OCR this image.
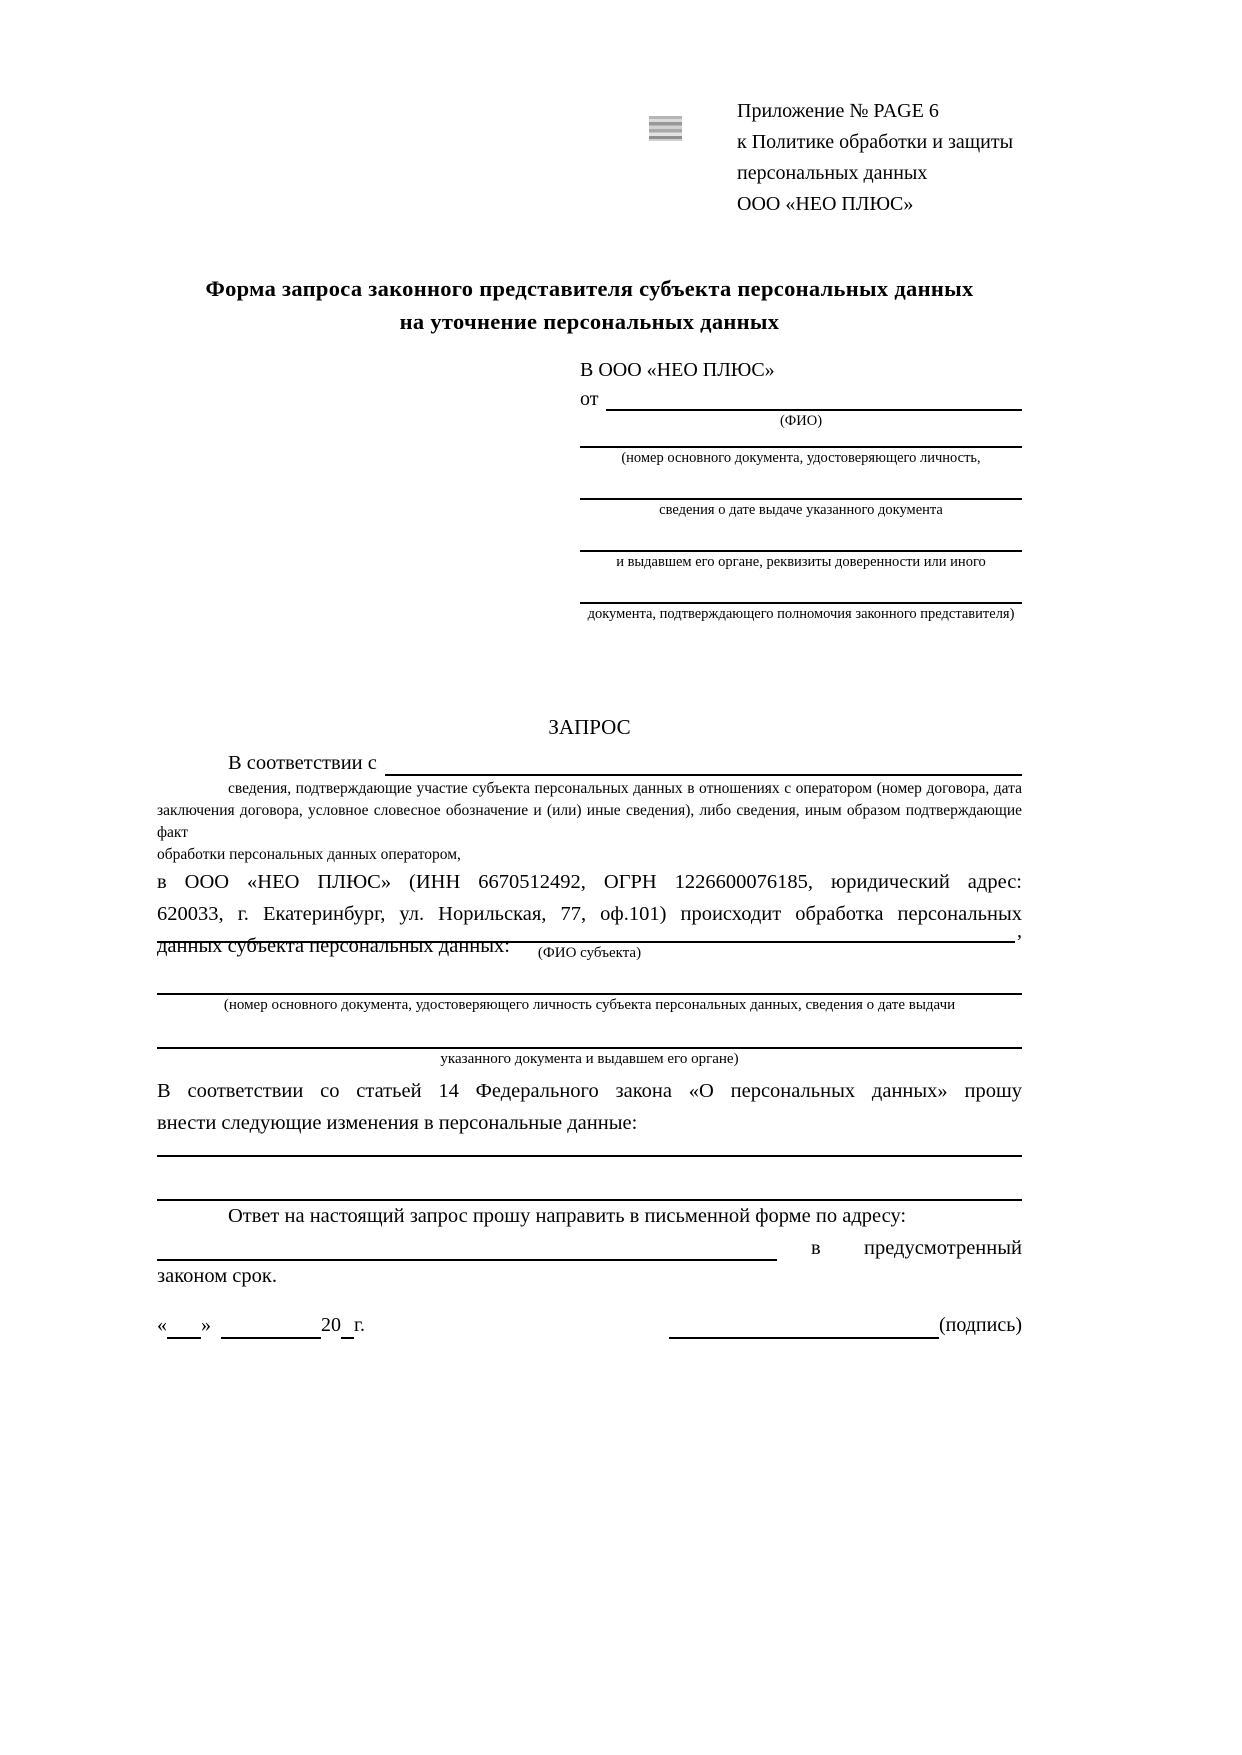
Приложение № PAGE 6
к Политике обработки и защиты
персональных данных
ООО «НЕО ПЛЮС»
Форма запроса законного представителя субъекта персональных данных
на уточнение персональных данных
В ООО «НЕО ПЛЮС»
от
(ФИО)
(номер основного документа, удостоверяющего личность,
сведения о дате выдаче указанного документа
и выдавшем его органе, реквизиты доверенности или иного
документа, подтверждающего полномочия законного представителя)
ЗАПРОС
В соответствии с
сведения, подтверждающие участие субъекта персональных данных в отношениях с оператором (номер договора, дата
заключения договора, условное словесное обозначение и (или) иные сведения), либо сведения, иным образом подтверждающие факт
обработки персональных данных оператором,
в ООО «НЕО ПЛЮС» (ИНН 6670512492, ОГРН 1226600076185, юридический адрес:
620033, г. Екатеринбург, ул. Норильская, 77, оф.101) происходит обработка персональных
данных субъекта персональных данных:
,
(ФИО субъекта)
(номер основного документа, удостоверяющего личность субъекта персональных данных, сведения о дате выдачи
указанного документа и выдавшем его органе)
В соответствии со статьей 14 Федерального закона «О персональных данных» прошу
внести следующие изменения в персональные данные:
Ответ на настоящий запрос прошу направить в письменной форме по адресу:
в предусмотренный
законом срок.
« »	20 г.	(подпись)
